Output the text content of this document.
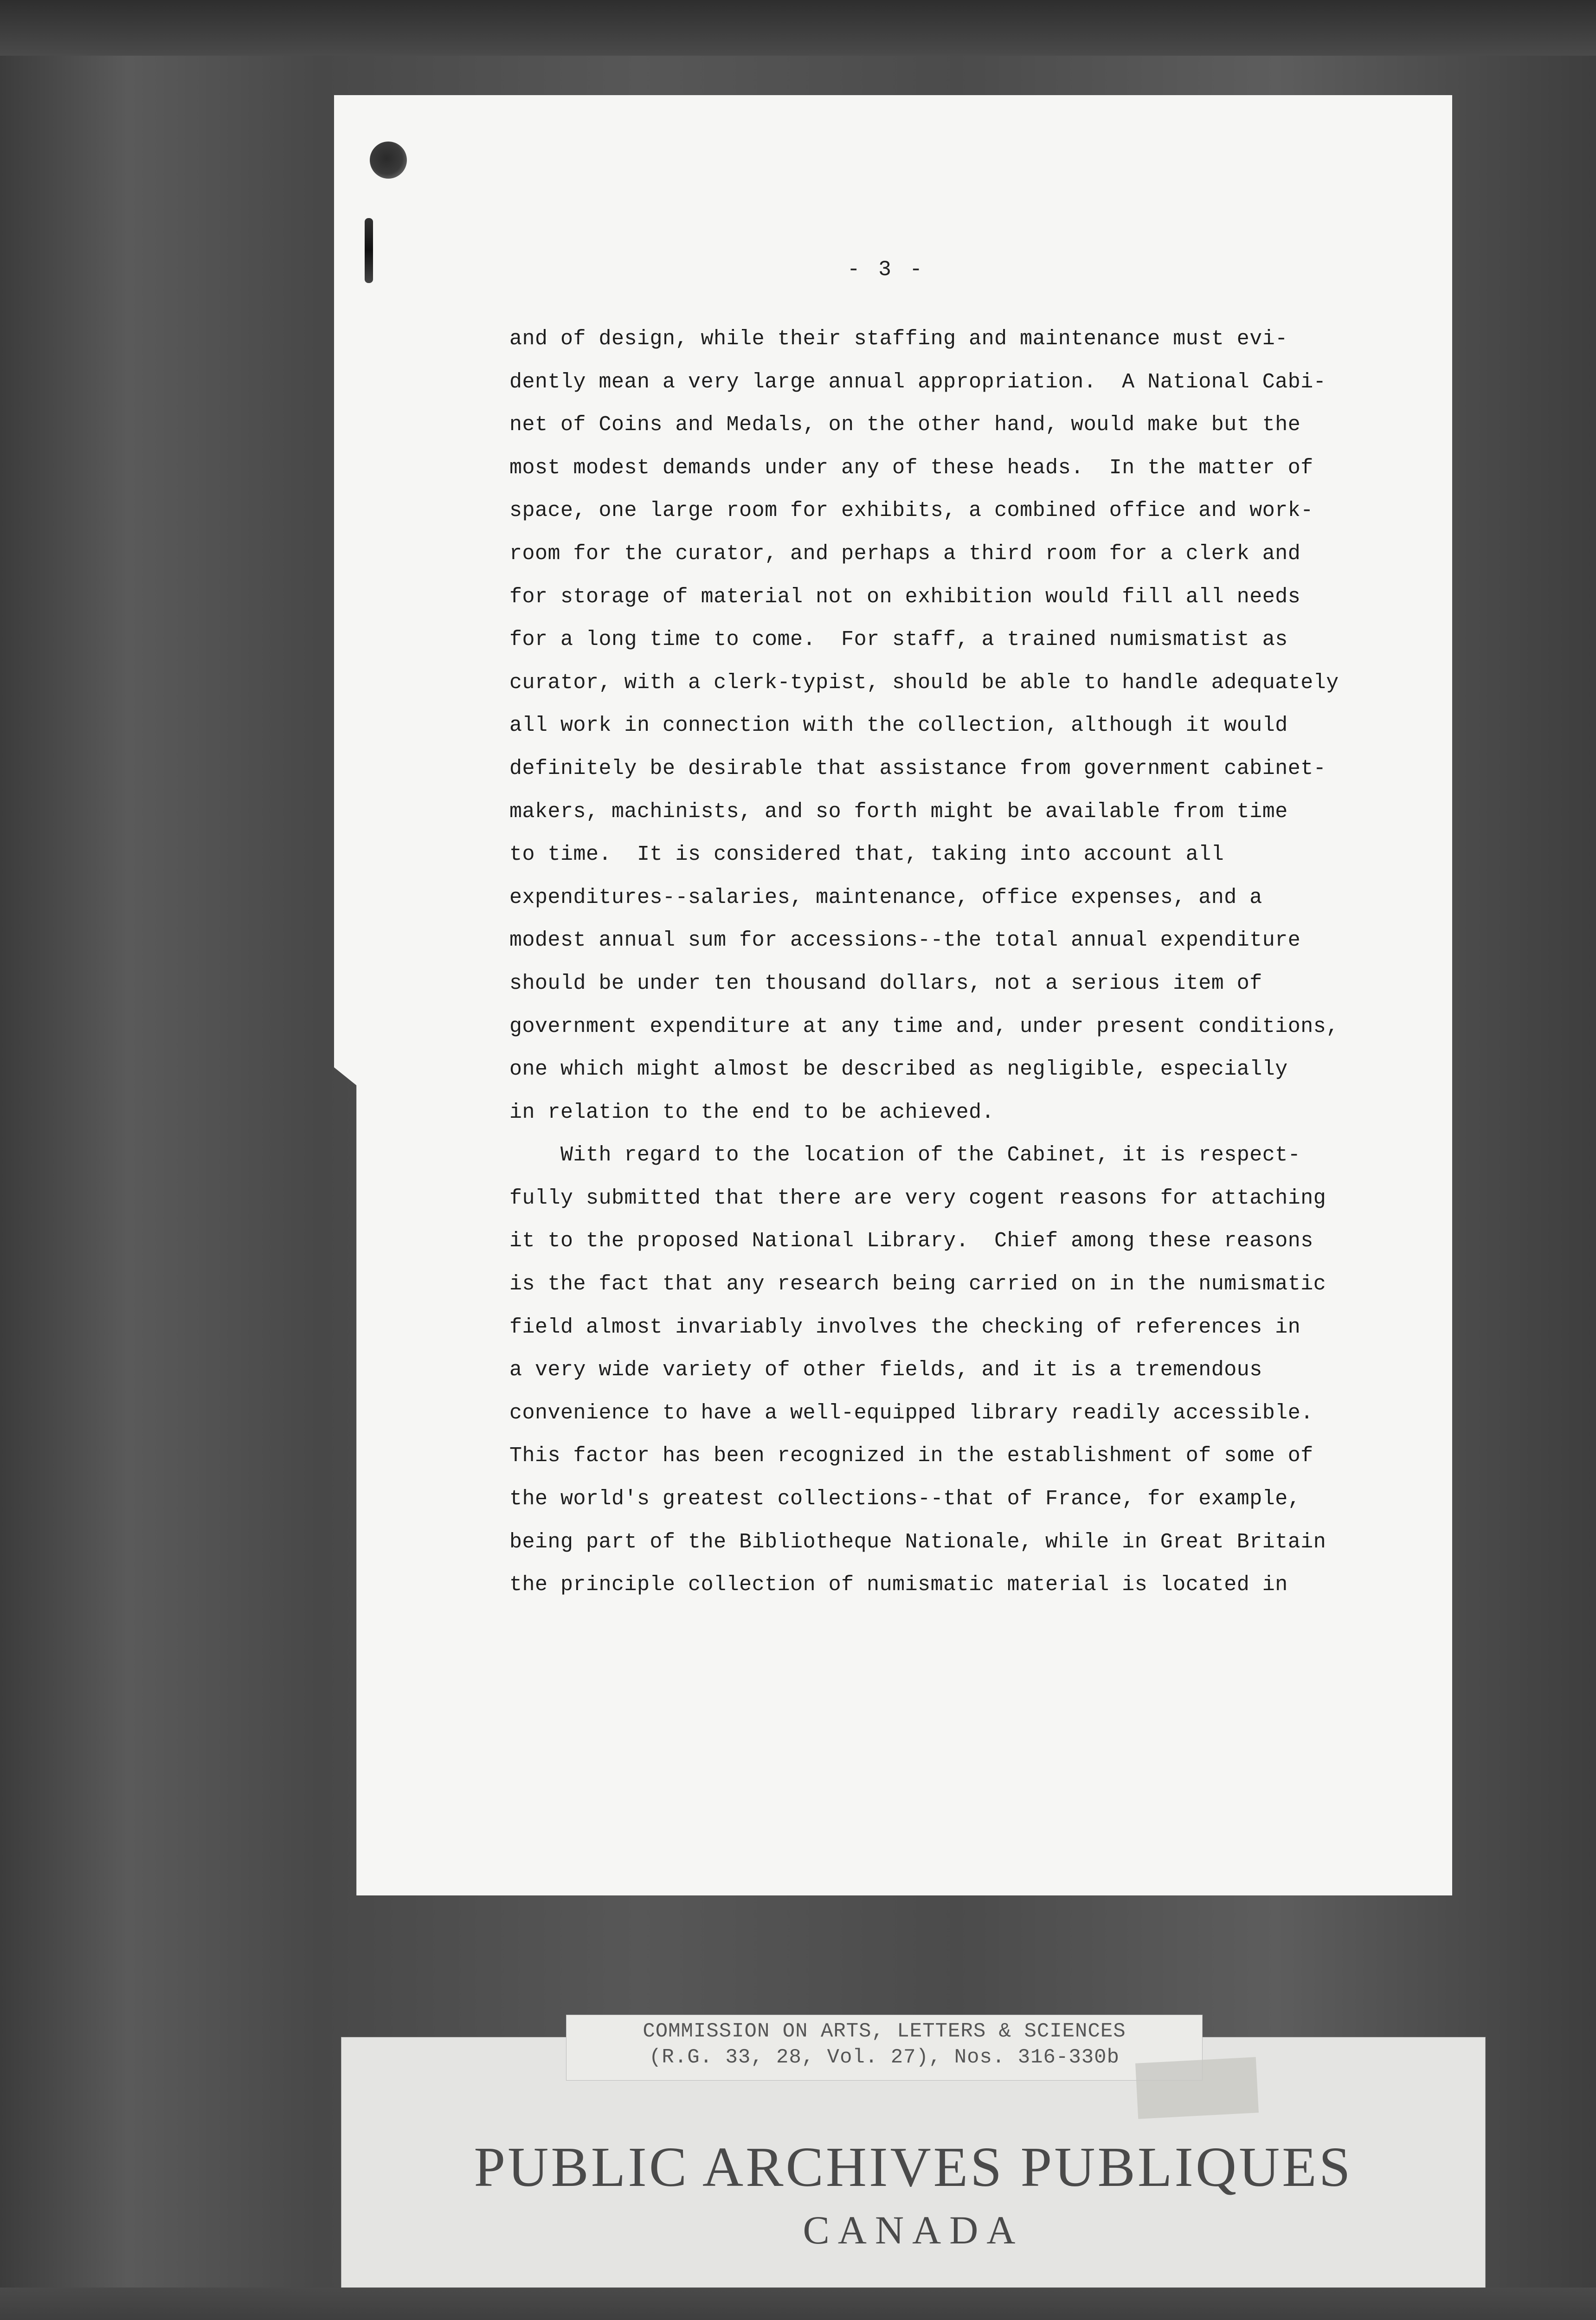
- 3 -
and of design, while their staffing and maintenance must evi-
dently mean a very large annual appropriation.  A National Cabi-
net of Coins and Medals, on the other hand, would make but the
most modest demands under any of these heads.  In the matter of
space, one large room for exhibits, a combined office and work-
room for the curator, and perhaps a third room for a clerk and
for storage of material not on exhibition would fill all needs
for a long time to come.  For staff, a trained numismatist as
curator, with a clerk-typist, should be able to handle adequately
all work in connection with the collection, although it would
definitely be desirable that assistance from government cabinet-
makers, machinists, and so forth might be available from time
to time.  It is considered that, taking into account all
expenditures--salaries, maintenance, office expenses, and a
modest annual sum for accessions--the total annual expenditure
should be under ten thousand dollars, not a serious item of
government expenditure at any time and, under present conditions,
one which might almost be described as negligible, especially
in relation to the end to be achieved.
With regard to the location of the Cabinet, it is respect-
fully submitted that there are very cogent reasons for attaching
it to the proposed National Library.  Chief among these reasons
is the fact that any research being carried on in the numismatic
field almost invariably involves the checking of references in
a very wide variety of other fields, and it is a tremendous
convenience to have a well-equipped library readily accessible.
This factor has been recognized in the establishment of some of
the world's greatest collections--that of France, for example,
being part of the Bibliotheque Nationale, while in Great Britain
the principle collection of numismatic material is located in
PUBLIC ARCHIVES PUBLIQUES
CANADA
COMMISSION ON ARTS, LETTERS & SCIENCES
(R.G. 33, 28, Vol. 27), Nos. 316-330b
